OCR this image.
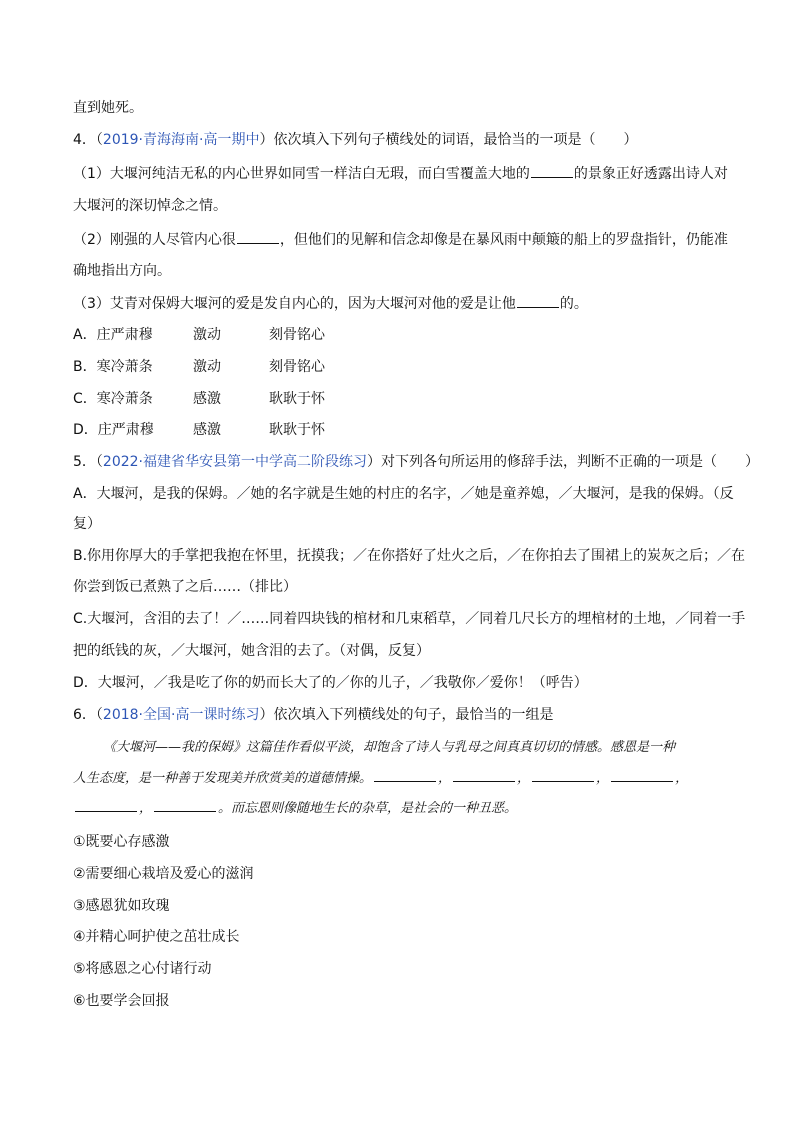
直到她死。
4．（2019·青海海南·高一期中）依次填入下列句子横线处的词语，最恰当的一项是（　　）
（1）大堰河纯洁无私的内心世界如同雪一样洁白无瑕，而白雪覆盖大地的	的景象正好透露出诗人对
大堰河的深切悼念之情。
（2）刚强的人尽管内心很	，但他们的见解和信念却像是在暴风雨中颠簸的船上的罗盘指针，仍能准
确地指出方向。
（3）艾青对保姆大堰河的爱是发自内心的，因为大堰河对他的爱是让他	的。
A．庄严肃穆	激动	刻骨铭心
B．寒冷萧条	激动	刻骨铭心
C．寒冷萧条	感激	耿耿于怀
D．庄严肃穆	感激	耿耿于怀
5．（2022·福建省华安县第一中学高二阶段练习）对下列各句所运用的修辞手法，判断不正确的一项是（　　）
A．大堰河，是我的保姆。／她的名字就是生她的村庄的名字，／她是童养媳，／大堰河，是我的保姆。（反
复）
B.你用你厚大的手掌把我抱在怀里，抚摸我；／在你搭好了灶火之后，／在你拍去了围裙上的炭灰之后；／在
你尝到饭已煮熟了之后……（排比）
C.大堰河，含泪的去了！／……同着四块钱的棺材和几束稻草，／同着几尺长方的埋棺材的土地，／同着一手
把的纸钱的灰，／大堰河，她含泪的去了。（对偶，反复）
D．大堰河，／我是吃了你的奶而长大了的／你的儿子，／我敬你／爱你！（呼告）
6．（2018·全国·高一课时练习）依次填入下列横线处的句子，最恰当的一组是
《大堰河——我的保姆》这篇佳作看似平淡，却饱含了诗人与乳母之间真真切切的情感。感恩是一种
人生态度，是一种善于发现美并欣赏美的道德情操。	，	，	，	，
，	。而忘恩则像随地生长的杂草，是社会的一种丑恶。
①既要心存感激
②需要细心栽培及爱心的滋润
③感恩犹如玫瑰
④并精心呵护使之茁壮成长
⑤将感恩之心付诸行动
⑥也要学会回报
